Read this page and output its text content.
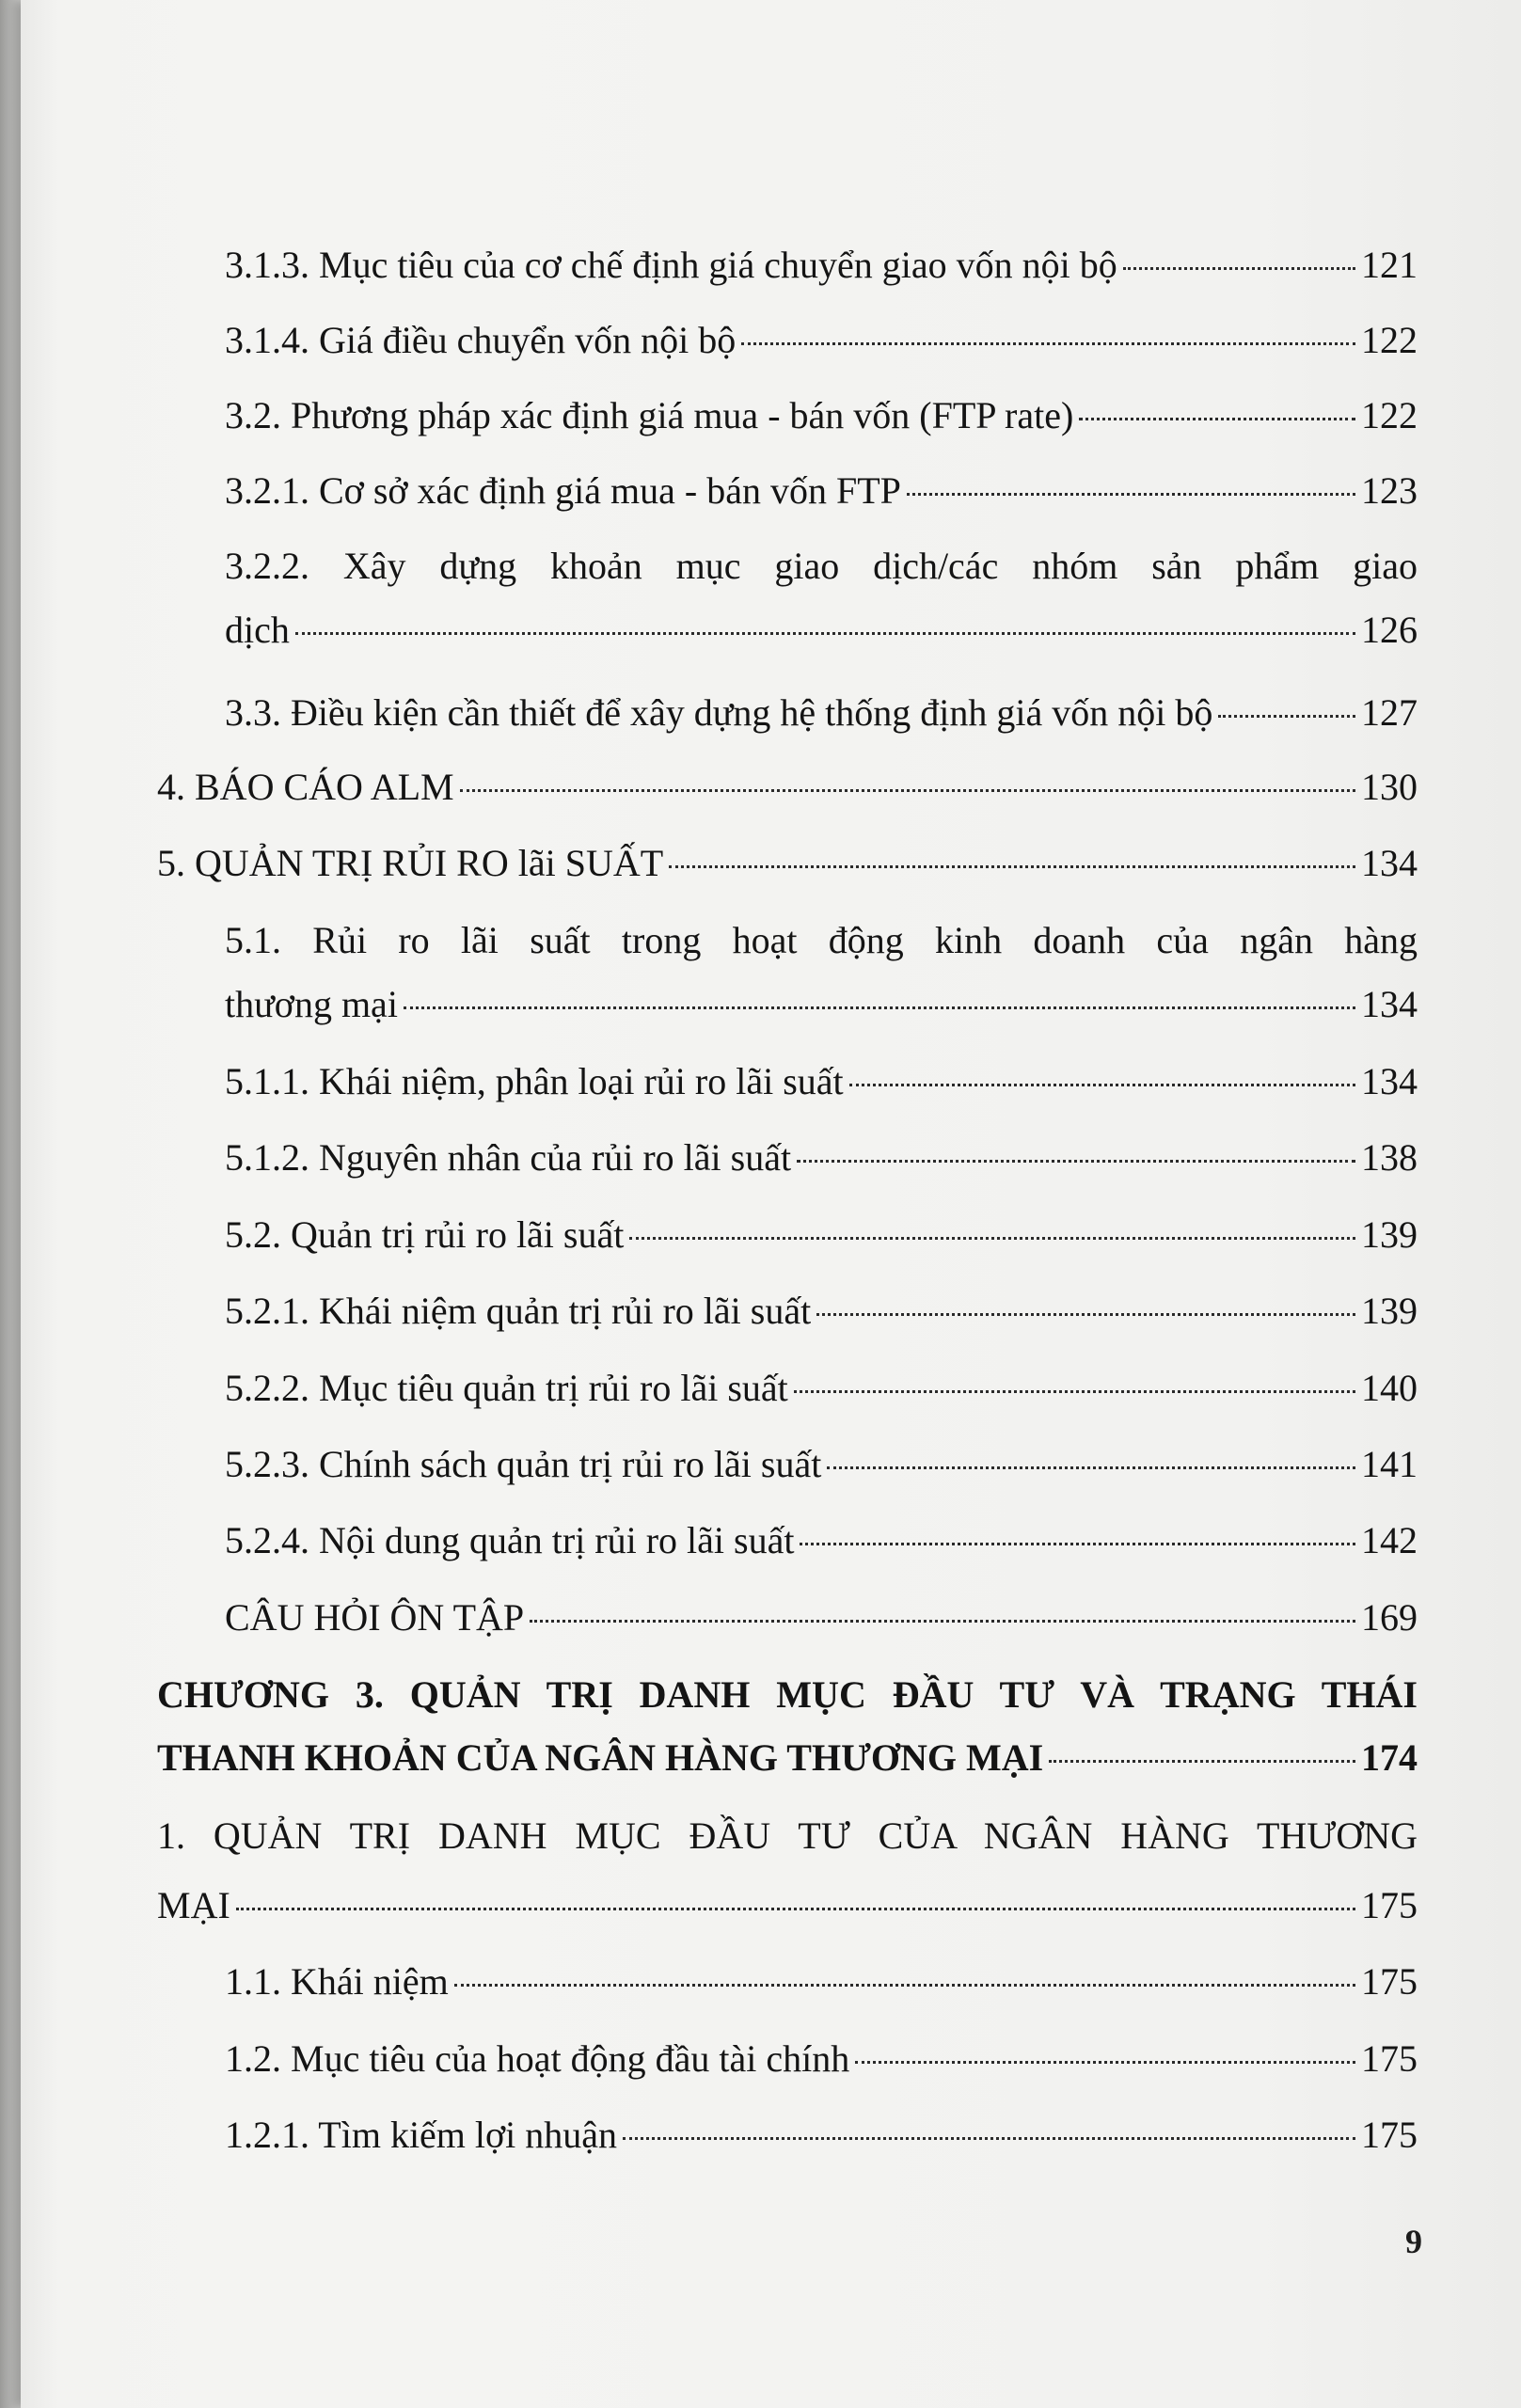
3.1.3. Mục tiêu của cơ chế định giá chuyển giao vốn nội bộ	121
3.1.4. Giá điều chuyển vốn nội bộ	122
3.2. Phương pháp xác định giá mua - bán vốn (FTP rate)	122
3.2.1. Cơ sở xác định giá mua - bán vốn FTP	123
3.2.2. Xây dựng khoản mục giao dịch/các nhóm sản phẩm giao
dịch	126
3.3. Điều kiện cần thiết để xây dựng hệ thống định giá vốn nội bộ	127
4. BÁO CÁO ALM	130
5. QUẢN TRỊ RỦI RO lãi SUẤT	134
5.1. Rủi ro lãi suất trong hoạt động kinh doanh của ngân hàng
thương mại	134
5.1.1. Khái niệm, phân loại rủi ro lãi suất	134
5.1.2. Nguyên nhân của rủi ro lãi suất	138
5.2. Quản trị rủi ro lãi suất	139
5.2.1. Khái niệm quản trị rủi ro lãi suất	139
5.2.2. Mục tiêu quản trị rủi ro lãi suất	140
5.2.3. Chính sách quản trị rủi ro lãi suất	141
5.2.4. Nội dung quản trị rủi ro lãi suất	142
CÂU HỎI ÔN TẬP	169
CHƯƠNG 3. QUẢN TRỊ DANH MỤC ĐẦU TƯ VÀ TRẠNG THÁI
THANH KHOẢN CỦA NGÂN HÀNG THƯƠNG MẠI	174
1. QUẢN TRỊ DANH MỤC ĐẦU TƯ CỦA NGÂN HÀNG THƯƠNG
MẠI	175
1.1. Khái niệm	175
1.2. Mục tiêu của hoạt động đầu tài chính	175
1.2.1. Tìm kiếm lợi nhuận	175
9
